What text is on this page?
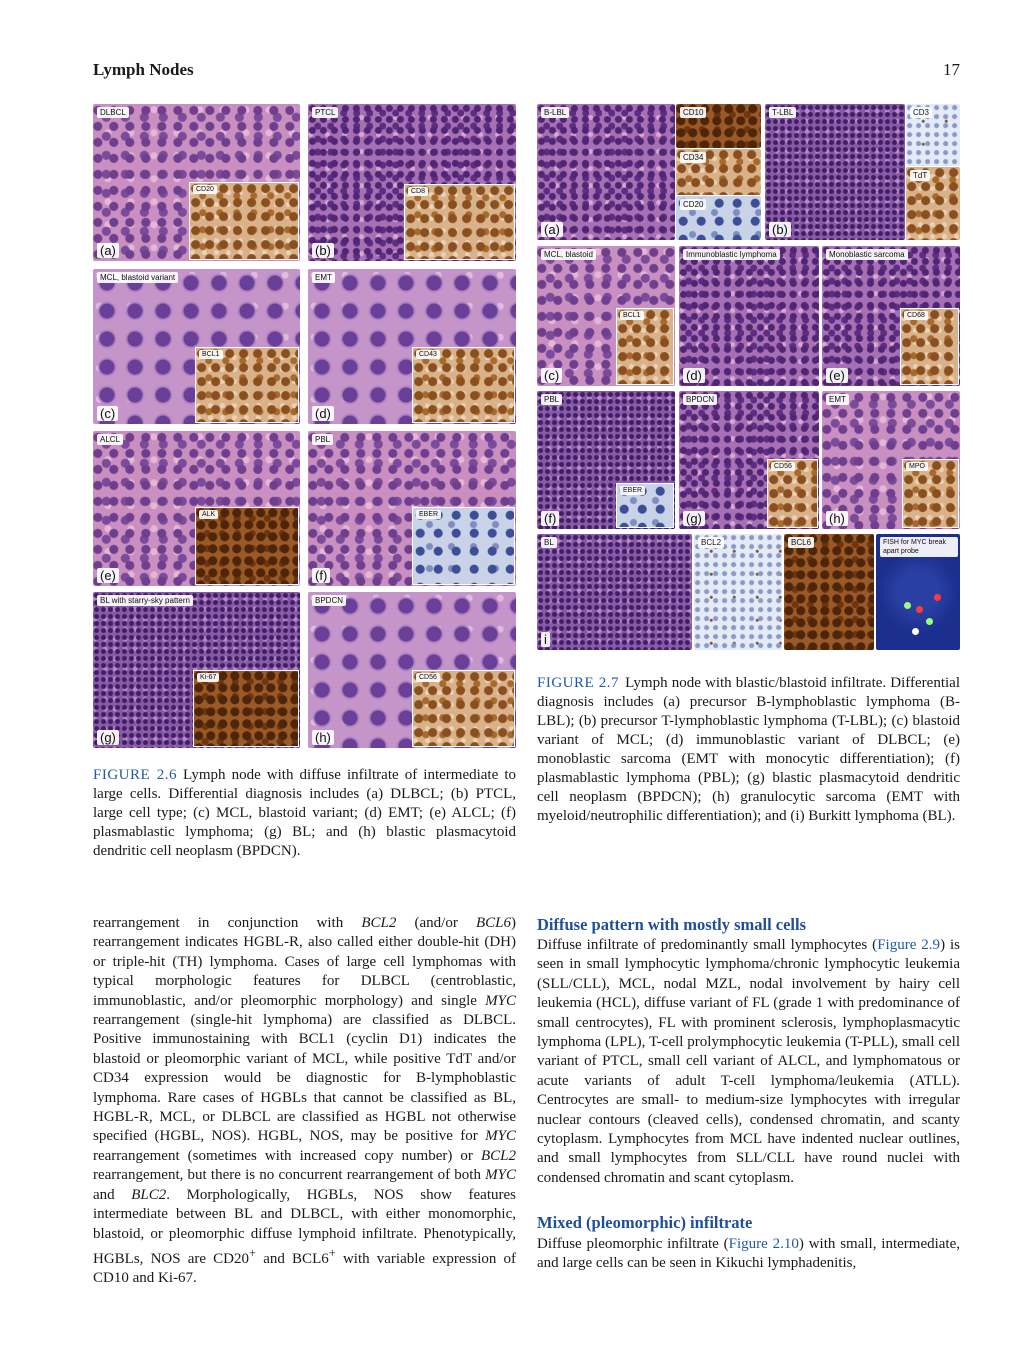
Lymph Nodes	17
DLBCL
CD20
(a)
PTCL
CD8
(b)
MCL, blastoid variant
BCL1
(c)
EMT
CD43
(d)
ALCL
ALK
(e)
PBL
EBER
(f)
BL with starry-sky pattern
Ki-67
(g)
BPDCN
CD56
(h)
FIGURE 2.6 Lymph node with diffuse infiltrate of intermediate to large cells. Differential diagnosis includes (a) DLBCL; (b) PTCL, large cell type; (c) MCL, blastoid variant; (d) EMT; (e) ALCL; (f) plasmablastic lymphoma; (g) BL; and (h) blastic plasmacytoid dendritic cell neoplasm (BPDCN).
B-LBL
(a)
CD10
CD34
CD20
T-LBL
(b)
CD3
TdT
MCL, blastoid
BCL1
(c)
Immunoblastic lymphoma
(d)
Monoblastic sarcoma
CD68
(e)
PBL
EBER
(f)
BPDCN
CD56
(g)
EMT
MPO
(h)
BL
i
BCL2	BCL6	FISH for MYC break apart probe
FIGURE 2.7 Lymph node with blastic/blastoid infiltrate. Differential diagnosis includes (a) precursor B-lymphoblastic lymphoma (B-LBL); (b) precursor T-lymphoblastic lymphoma (T-LBL); (c) blastoid variant of MCL; (d) immunoblastic variant of DLBCL; (e) monoblastic sarcoma (EMT with monocytic differentiation); (f) plasmablastic lymphoma (PBL); (g) blastic plasmacytoid dendritic cell neoplasm (BPDCN); (h) granulocytic sarcoma (EMT with myeloid/neutrophilic differentiation); and (i) Burkitt lymphoma (BL).
rearrangement in conjunction with BCL2 (and/or BCL6) rearrangement indicates HGBL-R, also called either double-hit (DH) or triple-hit (TH) lymphoma. Cases of large cell lymphomas with typical morphologic features for DLBCL (centroblastic, immunoblastic, and/or pleomorphic morphology) and single MYC rearrangement (single-hit lymphoma) are classified as DLBCL. Positive immunostaining with BCL1 (cyclin D1) indicates the blastoid or pleomorphic variant of MCL, while positive TdT and/or CD34 expression would be diagnostic for B-lymphoblastic lymphoma. Rare cases of HGBLs that cannot be classified as BL, HGBL-R, MCL, or DLBCL are classified as HGBL not otherwise specified (HGBL, NOS). HGBL, NOS, may be positive for MYC rearrangement (sometimes with increased copy number) or BCL2 rearrangement, but there is no concurrent rearrangement of both MYC and BLC2. Morphologically, HGBLs, NOS show features intermediate between BL and DLBCL, with either monomorphic, blastoid, or pleomorphic diffuse lymphoid infiltrate. Phenotypically, HGBLs, NOS are CD20+ and BCL6+ with variable expression of CD10 and Ki-67.
Diffuse pattern with mostly small cells
Diffuse infiltrate of predominantly small lymphocytes (Figure 2.9) is seen in small lymphocytic lymphoma/chronic lymphocytic leukemia (SLL/CLL), MCL, nodal MZL, nodal involvement by hairy cell leukemia (HCL), diffuse variant of FL (grade 1 with predominance of small centrocytes), FL with prominent sclerosis, lymphoplasmacytic lymphoma (LPL), T-cell prolymphocytic leukemia (T-PLL), small cell variant of PTCL, small cell variant of ALCL, and lymphomatous or acute variants of adult T-cell lymphoma/leukemia (ATLL). Centrocytes are small- to medium-size lymphocytes with irregular nuclear contours (cleaved cells), condensed chromatin, and scanty cytoplasm. Lymphocytes from MCL have indented nuclear outlines, and small lymphocytes from SLL/CLL have round nuclei with condensed chromatin and scant cytoplasm.
Mixed (pleomorphic) infiltrate
Diffuse pleomorphic infiltrate (Figure 2.10) with small, intermediate, and large cells can be seen in Kikuchi lymphadenitis,
